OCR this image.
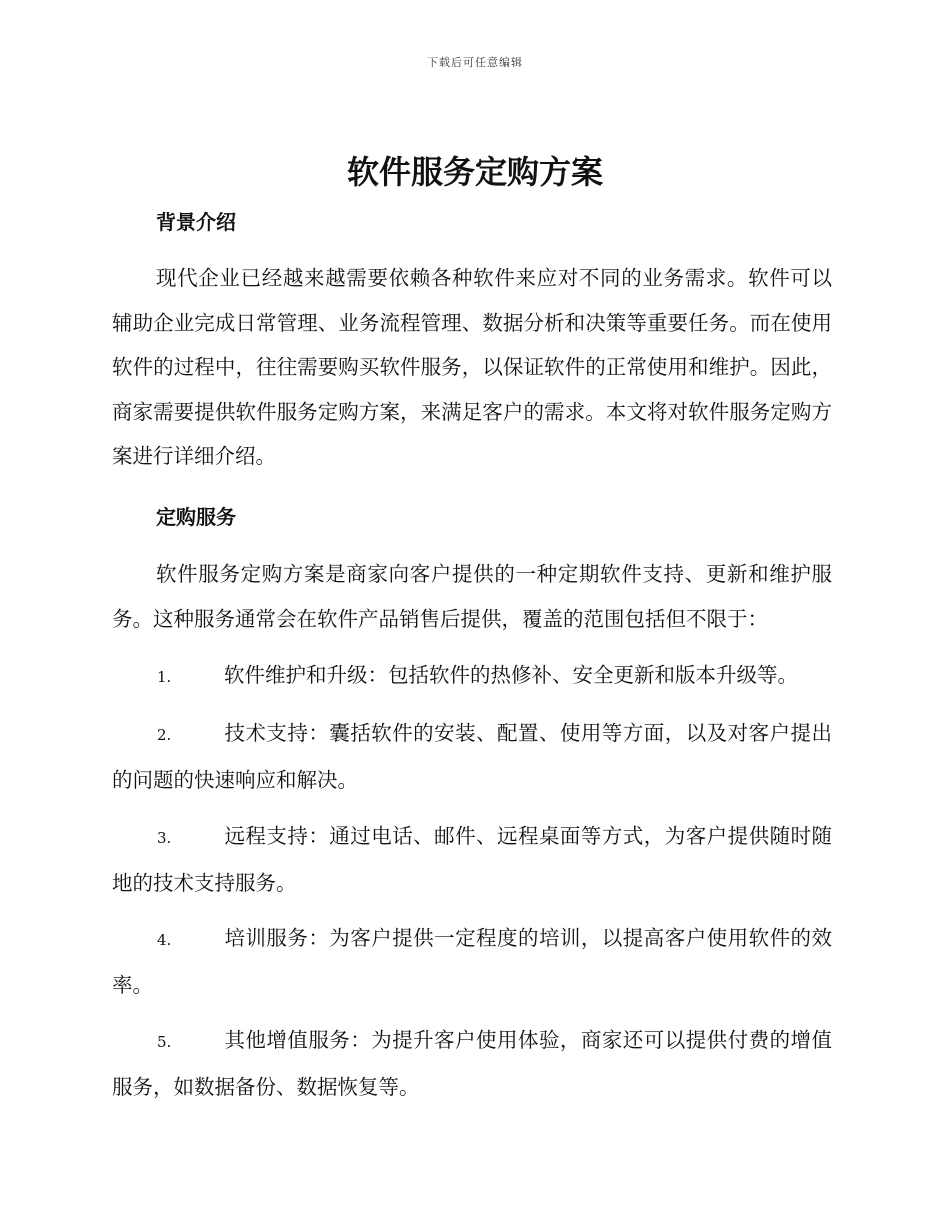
下载后可任意编辑
软件服务定购方案
背景介绍

现代企业已经越来越需要依赖各种软件来应对不同的业务需求。软件可以辅助企业完成日常管理、业务流程管理、数据分析和决策等重要任务。而在使用软件的过程中，往往需要购买软件服务，以保证软件的正常使用和维护。因此，商家需要提供软件服务定购方案，来满足客户的需求。本文将对软件服务定购方案进行详细介绍。

定购服务

软件服务定购方案是商家向客户提供的一种定期软件支持、更新和维护服务。这种服务通常会在软件产品销售后提供，覆盖的范围包括但不限于：

1.	软件维护和升级：包括软件的热修补、安全更新和版本升级等。

2.	技术支持：囊括软件的安装、配置、使用等方面，以及对客户提出的问题的快速响应和解决。

3.	远程支持：通过电话、邮件、远程桌面等方式，为客户提供随时随地的技术支持服务。

4.	培训服务：为客户提供一定程度的培训，以提高客户使用软件的效率。

5.	其他增值服务：为提升客户使用体验，商家还可以提供付费的增值服务，如数据备份、数据恢复等。
